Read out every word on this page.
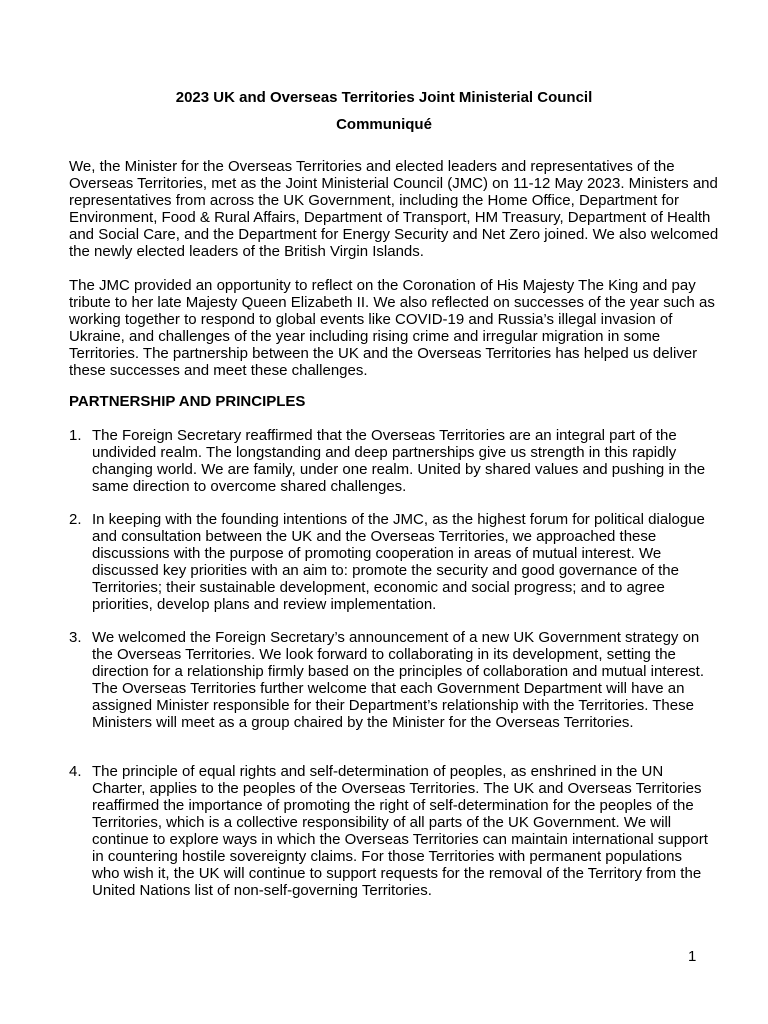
2023 UK and Overseas Territories Joint Ministerial Council
Communiqué

We, the Minister for the Overseas Territories and elected leaders and representatives of the Overseas Territories, met as the Joint Ministerial Council (JMC) on 11-12 May 2023. Ministers and representatives from across the UK Government, including the Home Office, Department for Environment, Food & Rural Affairs, Department of Transport, HM Treasury, Department of Health and Social Care, and the Department for Energy Security and Net Zero joined. We also welcomed the newly elected leaders of the British Virgin Islands.

The JMC provided an opportunity to reflect on the Coronation of His Majesty The King and pay tribute to her late Majesty Queen Elizabeth II. We also reflected on successes of the year such as working together to respond to global events like COVID-19 and Russia’s illegal invasion of Ukraine, and challenges of the year including rising crime and irregular migration in some Territories. The partnership between the UK and the Overseas Territories has helped us deliver these successes and meet these challenges.

PARTNERSHIP AND PRINCIPLES
1. The Foreign Secretary reaffirmed that the Overseas Territories are an integral part of the undivided realm. The longstanding and deep partnerships give us strength in this rapidly changing world. We are family, under one realm. United by shared values and pushing in the same direction to overcome shared challenges.
2. In keeping with the founding intentions of the JMC, as the highest forum for political dialogue and consultation between the UK and the Overseas Territories, we approached these discussions with the purpose of promoting cooperation in areas of mutual interest. We discussed key priorities with an aim to: promote the security and good governance of the Territories; their sustainable development, economic and social progress; and to agree priorities, develop plans and review implementation.
3. We welcomed the Foreign Secretary’s announcement of a new UK Government strategy on the Overseas Territories. We look forward to collaborating in its development, setting the direction for a relationship firmly based on the principles of collaboration and mutual interest. The Overseas Territories further welcome that each Government Department will have an assigned Minister responsible for their Department’s relationship with the Territories. These Ministers will meet as a group chaired by the Minister for the Overseas Territories.
4. The principle of equal rights and self-determination of peoples, as enshrined in the UN Charter, applies to the peoples of the Overseas Territories. The UK and Overseas Territories reaffirmed the importance of promoting the right of self-determination for the peoples of the Territories, which is a collective responsibility of all parts of the UK Government. We will continue to explore ways in which the Overseas Territories can maintain international support in countering hostile sovereignty claims. For those Territories with permanent populations who wish it, the UK will continue to support requests for the removal of the Territory from the United Nations list of non-self-governing Territories.
1
